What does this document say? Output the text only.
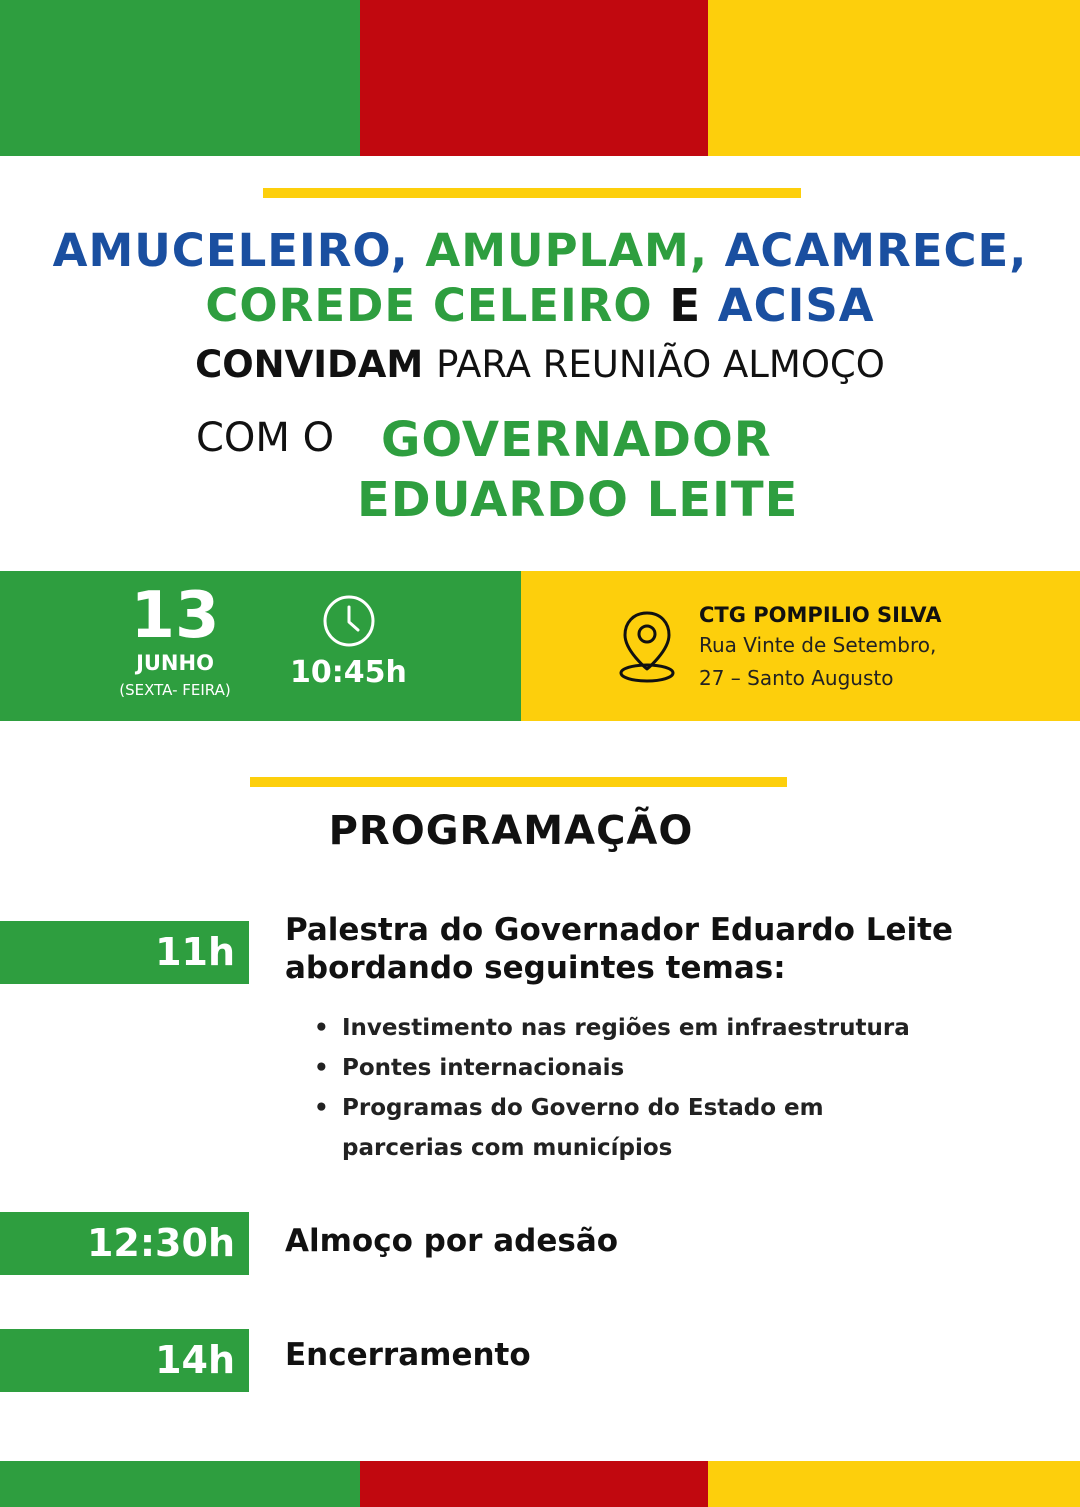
AMUCELEIRO, AMUPLAM, ACAMRECE,
COREDE CELEIRO E ACISA
CONVIDAM PARA REUNIÃO ALMOÇO
COM O GOVERNADOR
EDUARDO LEITE
13
JUNHO
(SEXTA- FEIRA)	10:45h
CTG POMPILIO SILVA
Rua Vinte de Setembro,
27 – Santo Augusto
PROGRAMAÇÃO
11h	Palestra do Governador Eduardo Leite
abordando seguintes temas:
• Investimento nas regiões em infraestrutura
• Pontes internacionais
• Programas do Governo do Estado em
parcerias com municípios
12:30h	Almoço por adesão
14h	Encerramento
